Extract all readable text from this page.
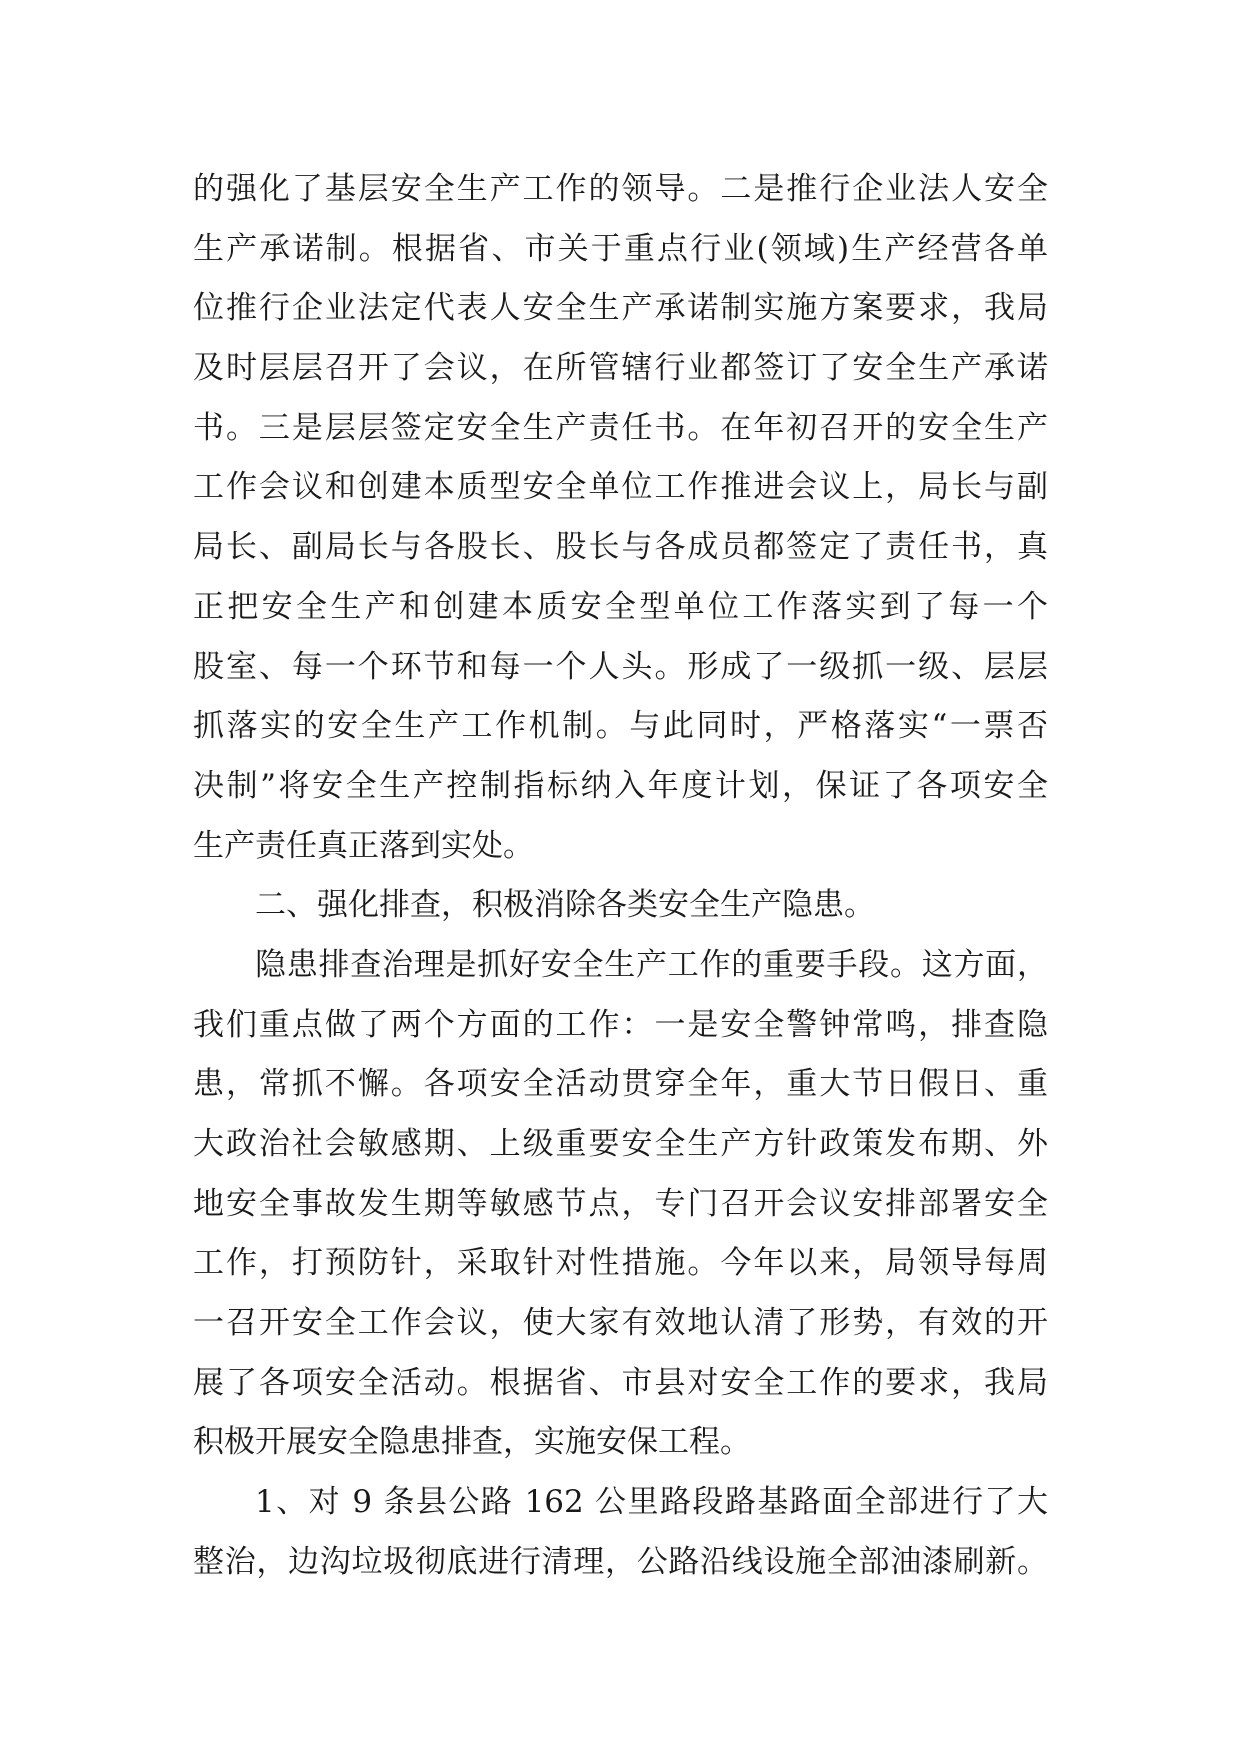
的强化了基层安全生产工作的领导。二是推行企业法人安全
生产承诺制。根据省、市关于重点行业(领域)生产经营各单
位推行企业法定代表人安全生产承诺制实施方案要求，我局
及时层层召开了会议，在所管辖行业都签订了安全生产承诺
书。三是层层签定安全生产责任书。在年初召开的安全生产
工作会议和创建本质型安全单位工作推进会议上，局长与副
局长、副局长与各股长、股长与各成员都签定了责任书，真
正把安全生产和创建本质安全型单位工作落实到了每一个
股室、每一个环节和每一个人头。形成了一级抓一级、层层
抓落实的安全生产工作机制。与此同时，严格落实“一票否
决制”将安全生产控制指标纳入年度计划，保证了各项安全
生产责任真正落到实处。
二、强化排查，积极消除各类安全生产隐患。
隐患排查治理是抓好安全生产工作的重要手段。这方面，
我们重点做了两个方面的工作：一是安全警钟常鸣，排查隐
患，常抓不懈。各项安全活动贯穿全年，重大节日假日、重
大政治社会敏感期、上级重要安全生产方针政策发布期、外
地安全事故发生期等敏感节点，专门召开会议安排部署安全
工作，打预防针，采取针对性措施。今年以来，局领导每周
一召开安全工作会议，使大家有效地认清了形势，有效的开
展了各项安全活动。根据省、市县对安全工作的要求，我局
积极开展安全隐患排查，实施安保工程。
1、对 9 条县公路 162 公里路段路基路面全部进行了大
整治，边沟垃圾彻底进行清理，公路沿线设施全部油漆刷新。
